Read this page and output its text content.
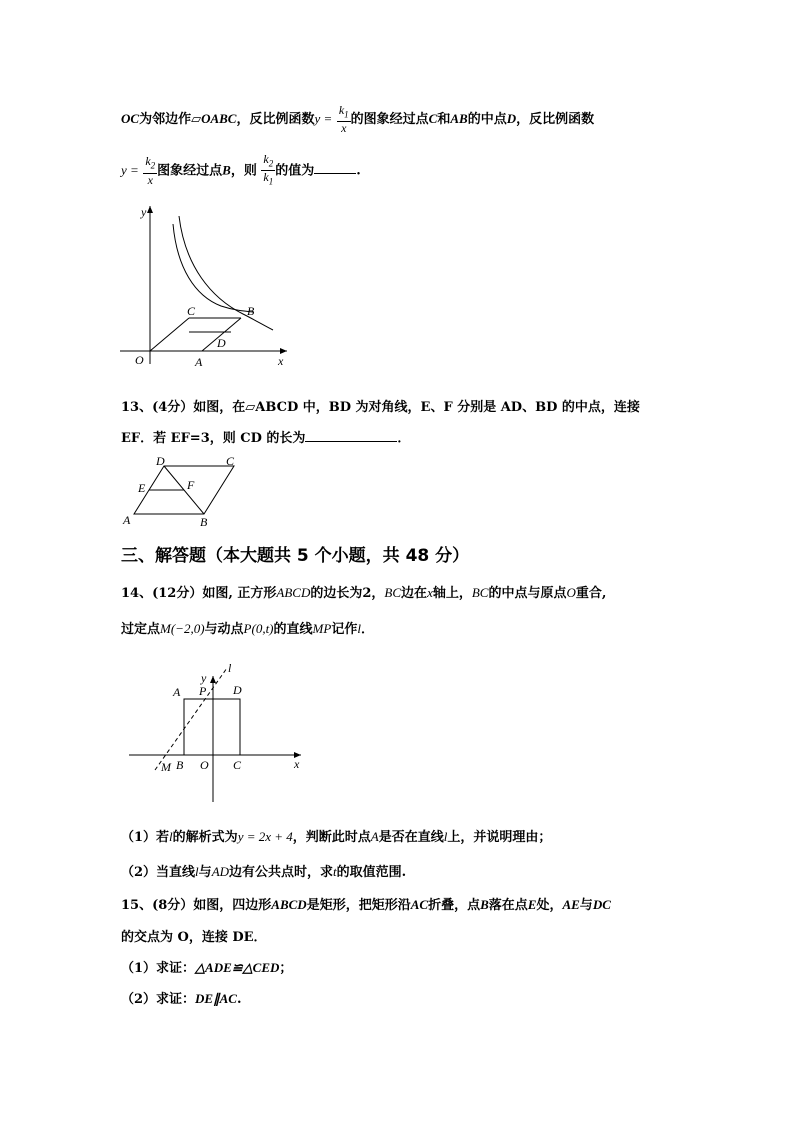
OC为邻边作▱OABC，反比例函数$y = \frac{k_1}{x}$ 的图象经过点C和AB的中点D，反比例函数
$y = \frac{k_2}{x}$ 图象经过点B，则 $\frac{k_2}{k_1}$ 的值为	.
y
x
O	A
C	B
D
13、(4分）如图，在▱ABCD 中，BD 为对角线，E、F 分别是 AD、BD 的中点，连接
EF．若 EF=3，则 CD 的长为	．
D	C
E	F
A	B
三、解答题（本大题共 5 个小题，共 48 分）
14、(12分）如图, 正方形ABCD的边长为2，BC边在x轴上，BC的中点与原点O重合,
过定点M(−2,0)与动点P(0,t)的直线MP记作l．
l
y
A P D
M B O C	x
（1）若l的解析式为y = 2x + 4，判断此时点A是否在直线l上，并说明理由；
（2）当直线l与AD边有公共点时，求t的取值范围.
15、(8分）如图，四边形ABCD是矩形，把矩形沿AC折叠，点B落在点E处，AE与DC
的交点为 O，连接 DE．
（1）求证：△ADE≌△CED；
（2）求证：DE∥AC.
